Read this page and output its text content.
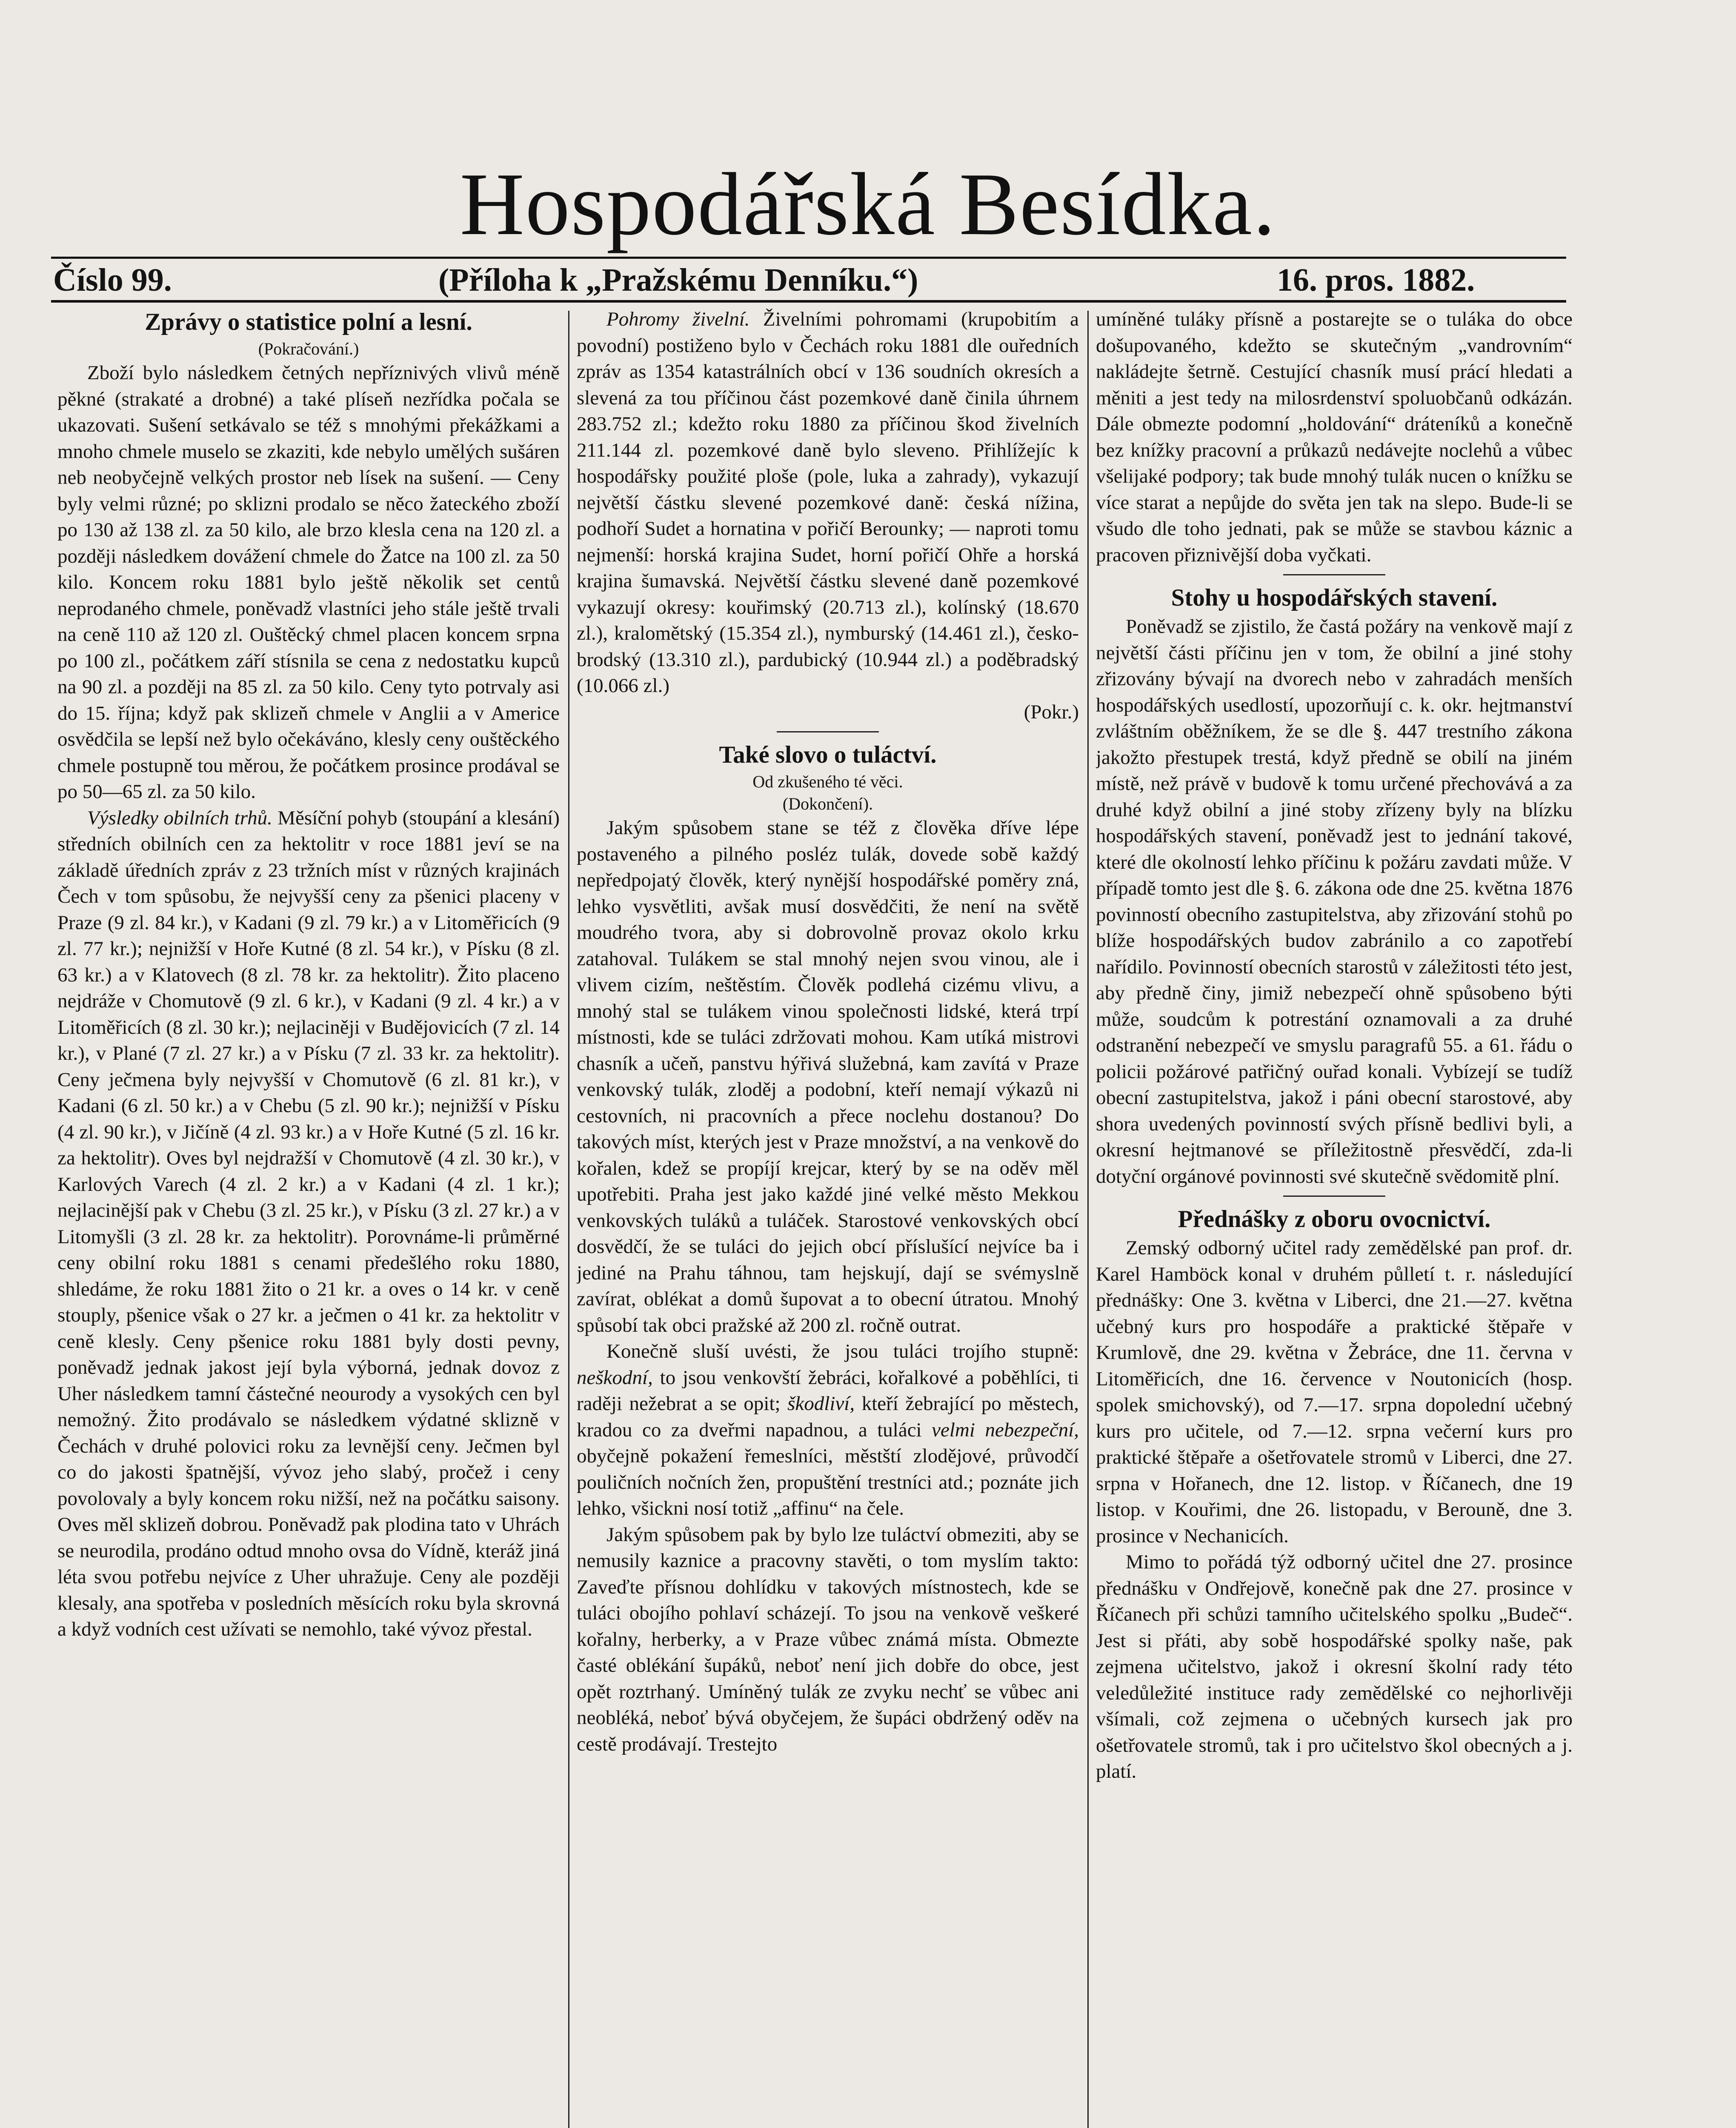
Hospodářská Besídka.
Číslo 99.	(Příloha k „Pražskému Denníku.“)	16. pros. 1882.
Zprávy o statistice polní a lesní.
(Pokračování.)

Zboží bylo následkem četných nepříznivých vlivů méně pěkné (strakaté a drobné) a také plíseň nezřídka počala se ukazovati. Sušení setkávalo se též s mnohými překážkami a mnoho chmele muselo se zkaziti, kde nebylo umělých sušáren neb neobyčejně velkých prostor neb lísek na sušení. — Ceny byly velmi různé; po sklizni prodalo se něco žateckého zboží po 130 až 138 zl. za 50 kilo, ale brzo klesla cena na 120 zl. a později následkem dovážení chmele do Žatce na 100 zl. za 50 kilo. Koncem roku 1881 bylo ještě několik set centů neprodaného chmele, poněvadž vlastníci jeho stále ještě trvali na ceně 110 až 120 zl. Ouštěcký chmel placen koncem srpna po 100 zl., počátkem září stísnila se cena z nedostatku kupců na 90 zl. a později na 85 zl. za 50 kilo. Ceny tyto potrvaly asi do 15. října; když pak sklizeň chmele v Anglii a v Americe osvědčila se lepší než bylo očekáváno, klesly ceny ouštěckého chmele postupně tou měrou, že počátkem prosince prodával se po 50—65 zl. za 50 kilo.

Výsledky obilních trhů. Měsíční pohyb (stoupání a klesání) středních obilních cen za hektolitr v roce 1881 jeví se na základě úředních zpráv z 23 tržních míst v různých krajinách Čech v tom spůsobu, že nejvyšší ceny za pšenici placeny v Praze (9 zl. 84 kr.), v Kadani (9 zl. 79 kr.) a v Litoměřicích (9 zl. 77 kr.); nejnižší v Hoře Kutné (8 zl. 54 kr.), v Písku (8 zl. 63 kr.) a v Klatovech (8 zl. 78 kr. za hektolitr). Žito placeno nejdráže v Chomutově (9 zl. 6 kr.), v Kadani (9 zl. 4 kr.) a v Litoměřicích (8 zl. 30 kr.); nejlaciněji v Budějovicích (7 zl. 14 kr.), v Plané (7 zl. 27 kr.) a v Písku (7 zl. 33 kr. za hektolitr). Ceny ječmena byly nejvyšší v Chomutově (6 zl. 81 kr.), v Kadani (6 zl. 50 kr.) a v Chebu (5 zl. 90 kr.); nejnižší v Písku (4 zl. 90 kr.), v Jičíně (4 zl. 93 kr.) a v Hoře Kutné (5 zl. 16 kr. za hektolitr). Oves byl nejdražší v Chomutově (4 zl. 30 kr.), v Karlových Varech (4 zl. 2 kr.) a v Kadani (4 zl. 1 kr.); nejlacinější pak v Chebu (3 zl. 25 kr.), v Písku (3 zl. 27 kr.) a v Litomyšli (3 zl. 28 kr. za hektolitr). Porovnáme-li průměrné ceny obilní roku 1881 s cenami předešlého roku 1880, shledáme, že roku 1881 žito o 21 kr. a oves o 14 kr. v ceně stouply, pšenice však o 27 kr. a ječmen o 41 kr. za hektolitr v ceně klesly. Ceny pšenice roku 1881 byly dosti pevny, poněvadž jednak jakost její byla výborná, jednak dovoz z Uher následkem tamní částečné neourody a vysokých cen byl nemožný. Žito prodávalo se následkem výdatné sklizně v Čechách v druhé polovici roku za levnější ceny. Ječmen byl co do jakosti špatnější, vývoz jeho slabý, pročež i ceny povolovaly a byly koncem roku nižší, než na počátku saisony. Oves měl sklizeň dobrou. Poněvadž pak plodina tato v Uhrách se neurodila, prodáno odtud mnoho ovsa do Vídně, kteráž jiná léta svou potřebu nejvíce z Uher uhražuje. Ceny ale později klesaly, ana spotřeba v posledních měsících roku byla skrovná a když vodních cest užívati se nemohlo, také vývoz přestal.

Pohromy živelní. Živelními pohromami (krupobitím a povodní) postiženo bylo v Čechách roku 1881 dle ouředních zpráv as 1354 katastrálních obcí v 136 soudních okresích a slevená za tou příčinou část pozemkové daně činila úhrnem 283.752 zl.; kdežto roku 1880 za příčinou škod živelních 211.144 zl. pozemkové daně bylo sleveno. Přihlížejíc k hospodářsky použité ploše (pole, luka a zahrady), vykazují největší částku slevené pozemkové daně: česká nížina, podhoří Sudet a hornatina v pořičí Berounky; — naproti tomu nejmenší: horská krajina Sudet, horní pořičí Ohře a horská krajina šumavská. Největší částku slevené daně pozemkové vykazují okresy: kouřimský (20.713 zl.), kolínský (18.670 zl.), kralomětský (15.354 zl.), nymburský (14.461 zl.), česko-brodský (13.310 zl.), pardubický (10.944 zl.) a poděbradský (10.066 zl.)

(Pokr.)
Také slovo o tuláctví.
Od zkušeného té věci.
(Dokončení).

Jakým spůsobem stane se též z člověka dříve lépe postaveného a pilného posléz tulák, dovede sobě každý nepředpojatý člověk, který nynější hospodářské poměry zná, lehko vysvětliti, avšak musí dosvědčiti, že není na světě moudrého tvora, aby si dobrovolně provaz okolo krku zatahoval. Tulákem se stal mnohý nejen svou vinou, ale i vlivem cizím, neštěstím. Člověk podlehá cizému vlivu, a mnohý stal se tulákem vinou společnosti lidské, která trpí místnosti, kde se tuláci zdržovati mohou. Kam utíká mistrovi chasník a učeň, panstvu hýřivá služebná, kam zavítá v Praze venkovský tulák, zloděj a podobní, kteří nemají výkazů ni cestovních, ni pracovních a přece noclehu dostanou? Do takových míst, kterých jest v Praze množství, a na venkově do kořalen, kdež se propíjí krejcar, který by se na oděv měl upotřebiti. Praha jest jako každé jiné velké město Mekkou venkovských tuláků a tuláček. Starostové venkovských obcí dosvědčí, že se tuláci do jejich obcí příslušící nejvíce ba i jediné na Prahu táhnou, tam hejskují, dají se svémyslně zavírat, oblékat a domů šupovat a to obecní útratou. Mnohý spůsobí tak obci pražské až 200 zl. ročně outrat.

Konečně sluší uvésti, že jsou tuláci trojího stupně: neškodní, to jsou venkovští žebráci, kořalkové a poběhlíci, ti raději nežebrat a se opit; škodliví, kteří žebrající po městech, kradou co za dveřmi napadnou, a tuláci velmi nebezpeční, obyčejně pokažení řemeslníci, městští zlodějové, průvodčí pouličních nočních žen, propuštění trestníci atd.; poznáte jich lehko, všickni nosí totiž „affinu“ na čele.

Jakým spůsobem pak by bylo lze tuláctví obmeziti, aby se nemusily kaznice a pracovny stavěti, o tom myslím takto: Zaveďte přísnou dohlídku v takových místnostech, kde se tuláci obojího pohlaví scházejí. To jsou na venkově veškeré kořalny, herberky, a v Praze vůbec známá místa. Obmezte časté oblékání šupáků, neboť není jich dobře do obce, jest opět roztrhaný. Umíněný tulák ze zvyku nechť se vůbec ani neobléká, neboť bývá obyčejem, že šupáci obdržený oděv na cestě prodávají. Trestejto

umíněné tuláky přísně a postarejte se o tuláka do obce došupovaného, kdežto se skutečným „vandrovním“ nakládejte šetrně. Cestující chasník musí prácí hledati a měniti a jest tedy na milosrdenství spoluobčanů odkázán. Dále obmezte podomní „holdování“ dráteníků a konečně bez knížky pracovní a průkazů nedávejte noclehů a vůbec všelijaké podpory; tak bude mnohý tulák nucen o knížku se více starat a nepůjde do světa jen tak na slepo. Bude-li se všudo dle toho jednati, pak se může se stavbou káznic a pracoven přiznivější doba vyčkati.

Stohy u hospodářských stavení.

Poněvadž se zjistilo, že častá požáry na venkově mají z největší části příčinu jen v tom, že obilní a jiné stohy zřizovány bývají na dvorech nebo v zahradách menších hospodářských usedlostí, upozorňují c. k. okr. hejtmanství zvláštním oběžníkem, že se dle §. 447 trestního zákona jakožto přestupek trestá, když předně se obilí na jiném místě, než právě v budově k tomu určené přechovává a za druhé když obilní a jiné stoby zřízeny byly na blízku hospodářských stavení, poněvadž jest to jednání takové, které dle okolností lehko příčinu k požáru zavdati může. V případě tomto jest dle §. 6. zákona ode dne 25. května 1876 povinností obecního zastupitelstva, aby zřizování stohů po blíže hospodářských budov zabránilo a co zapotřebí nařídilo. Povinností obecních starostů v záležitosti této jest, aby předně činy, jimiž nebezpečí ohně spůsobeno býti může, soudcům k potrestání oznamovali a za druhé odstranění nebezpečí ve smyslu paragrafů 55. a 61. řádu o policii požárové patřičný ouřad konali. Vybízejí se tudíž obecní zastupitelstva, jakož i páni obecní starostové, aby shora uvedených povinností svých přísně bedlivi byli, a okresní hejtmanové se příležitostně přesvědčí, zda-li dotyční orgánové povinnosti své skutečně svědomitě plní.

Přednášky z oboru ovocnictví.

Zemský odborný učitel rady zemědělské pan prof. dr. Karel Hamböck konal v druhém půlletí t. r. následující přednášky: One 3. května v Liberci, dne 21.—27. května učebný kurs pro hospodáře a praktické štěpaře v Krumlově, dne 29. května v Žebráce, dne 11. června v Litoměřicích, dne 16. července v Noutonicích (hosp. spolek smichovský), od 7.—17. srpna dopolední učebný kurs pro učitele, od 7.—12. srpna večerní kurs pro praktické štěpaře a ošetřovatele stromů v Liberci, dne 27. srpna v Hořanech, dne 12. listop. v Říčanech, dne 19 listop. v Kouřimi, dne 26. listopadu, v Berouně, dne 3. prosince v Nechanicích.

Mimo to pořádá týž odborný učitel dne 27. prosince přednášku v Ondřejově, konečně pak dne 27. prosince v Říčanech při schůzi tamního učitelského spolku „Budeč“. Jest si přáti, aby sobě hospodářské spolky naše, pak zejmena učitelstvo, jakož i okresní školní rady této veledůležité instituce rady zemědělské co nejhorlivěji všímali, což zejmena o učebných kursech jak pro ošetřovatele stromů, tak i pro učitelstvo škol obecných a j. platí.
